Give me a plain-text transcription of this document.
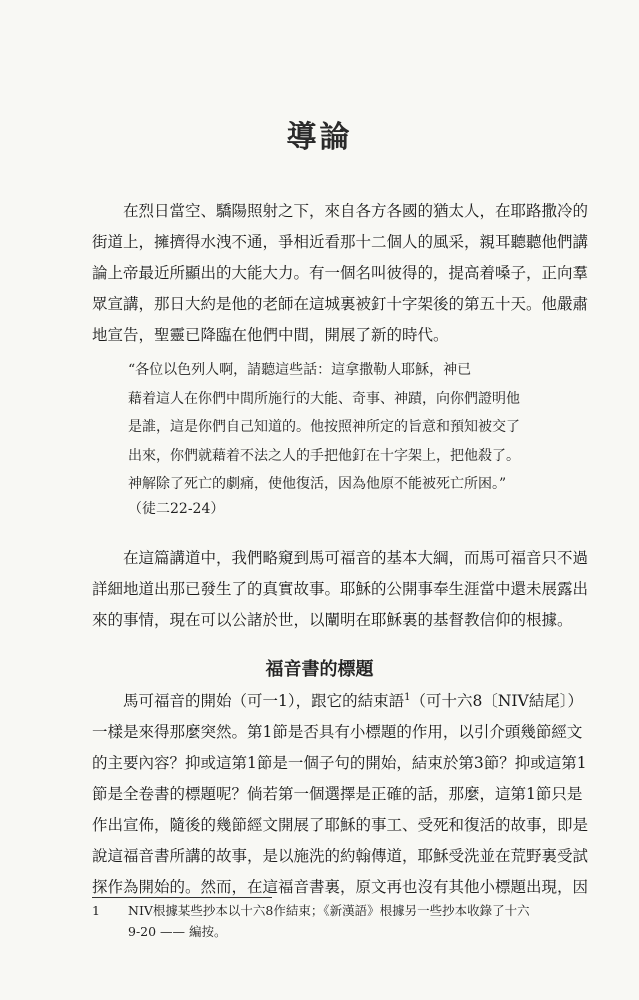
導論

　　在烈日當空、驕陽照射之下，來自各方各國的猶太人，在耶路撒冷的
街道上，擁擠得水洩不通，爭相近看那十二個人的風采，親耳聽聽他們講
論上帝最近所顯出的大能大力。有一個名叫彼得的，提高着嗓子，正向羣
眾宣講，那日大約是他的老師在這城裏被釘十字架後的第五十天。他嚴肅
地宣告，聖靈已降臨在他們中間，開展了新的時代。

“各位以色列人啊，請聽這些話：這拿撒勒人耶穌，神已
藉着這人在你們中間所施行的大能、奇事、神蹟，向你們證明他
是誰，這是你們自己知道的。他按照神所定的旨意和預知被交了
出來，你們就藉着不法之人的手把他釘在十字架上，把他殺了。
神解除了死亡的劇痛，使他復活，因為他原不能被死亡所困。”
（徒二22-24）

　　在這篇講道中，我們略窺到馬可福音的基本大綱，而馬可福音只不過
詳細地道出那已發生了的真實故事。耶穌的公開事奉生涯當中還未展露出
來的事情，現在可以公諸於世，以闡明在耶穌裏的基督教信仰的根據。

福音書的標題

　　馬可福音的開始（可一1），跟它的結束語$^1$（可十六8〔NIV結尾〕）
一樣是來得那麼突然。第1節是否具有小標題的作用，以引介頭幾節經文
的主要內容？抑或這第1節是一個子句的開始，結束於第3節？抑或這第1
節是全卷書的標題呢？倘若第一個選擇是正確的話，那麼，這第1節只是
作出宣佈，隨後的幾節經文開展了耶穌的事工、受死和復活的故事，即是
說這福音書所講的故事，是以施洗的約翰傳道，耶穌受洗並在荒野裏受試
探作為開始的。然而，在這福音書裏，原文再也沒有其他小標題出現，因

1 NIV根據某些抄本以十六8作結束；《新漢語》根據另一些抄本收錄了十六
9-20 —— 編按。
